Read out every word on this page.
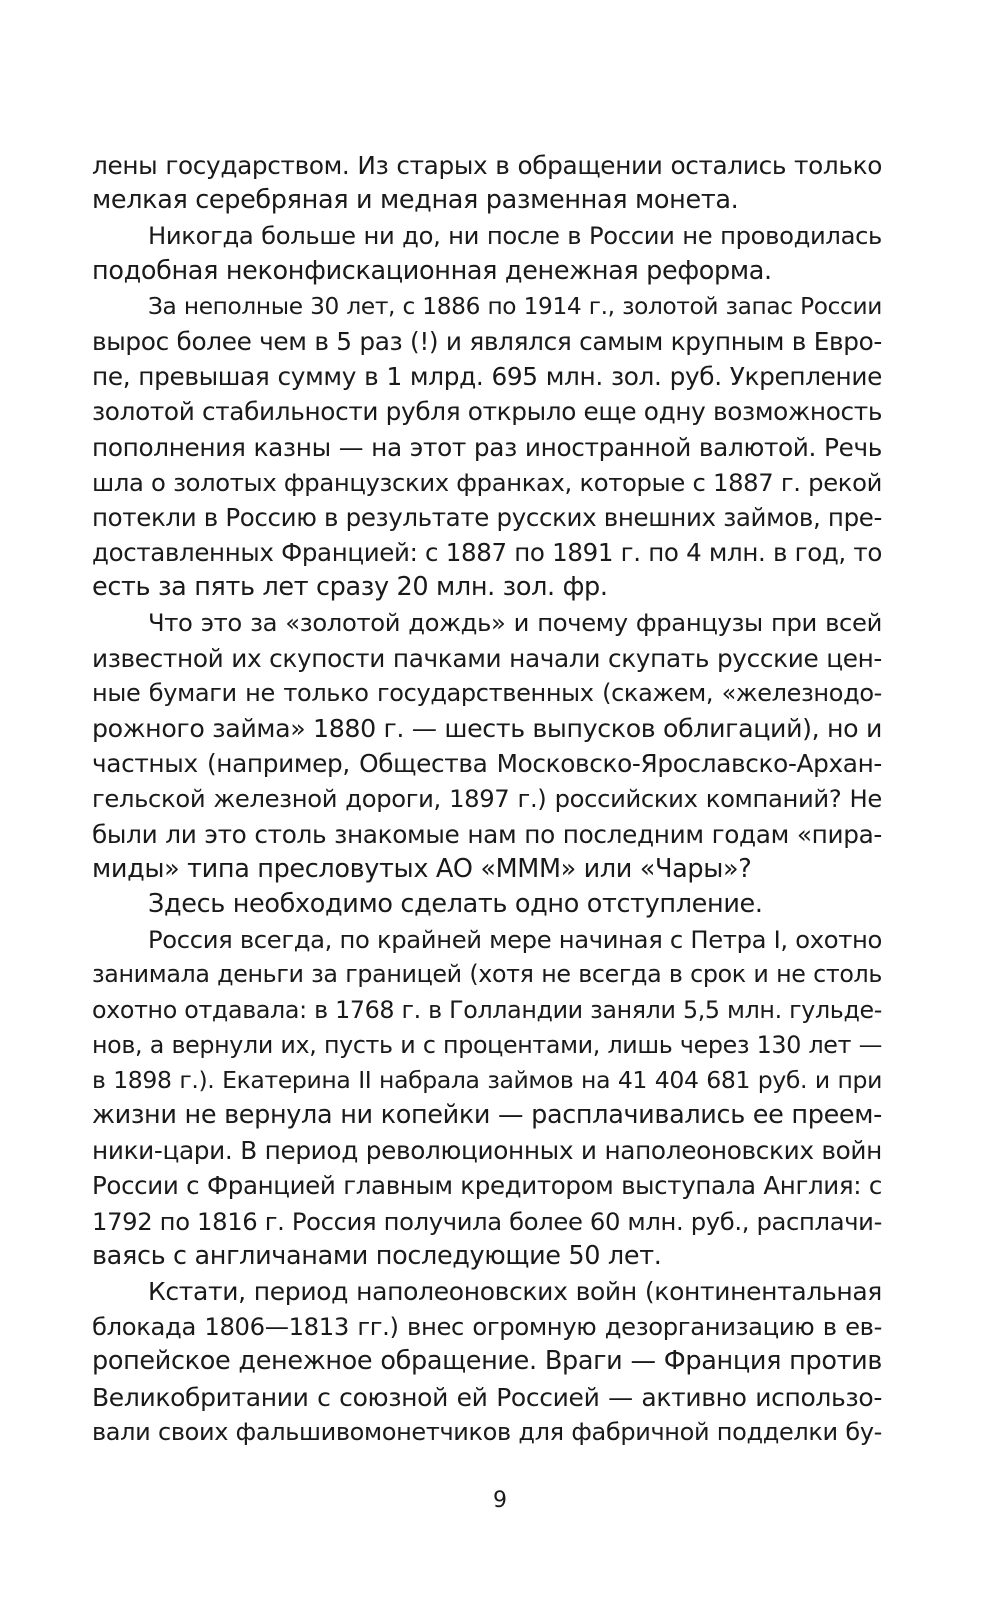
лены государством. Из старых в обращении остались только
мелкая серебряная и медная разменная монета.
Никогда больше ни до, ни после в России не проводилась
подобная неконфискационная денежная реформа.
За неполные 30 лет, с 1886 по 1914 г., золотой запас России
вырос более чем в 5 раз (!) и являлся самым крупным в Евро-
пе, превышая сумму в 1 млрд. 695 млн. зол. руб. Укрепление
золотой стабильности рубля открыло еще одну возможность
пополнения казны — на этот раз иностранной валютой. Речь
шла о золотых французских франках, которые с 1887 г. рекой
потекли в Россию в результате русских внешних займов, пре-
доставленных Францией: с 1887 по 1891 г. по 4 млн. в год, то
есть за пять лет сразу 20 млн. зол. фр.
Что это за «золотой дождь» и почему французы при всей
известной их скупости пачками начали скупать русские цен-
ные бумаги не только государственных (скажем, «железнодо-
рожного займа» 1880 г. — шесть выпусков облигаций), но и
частных (например, Общества Московско-Ярославско-Архан-
гельской железной дороги, 1897 г.) российских компаний? Не
были ли это столь знакомые нам по последним годам «пира-
миды» типа пресловутых АО «МММ» или «Чары»?
Здесь необходимо сделать одно отступление.
Россия всегда, по крайней мере начиная с Петра I, охотно
занимала деньги за границей (хотя не всегда в срок и не столь
охотно отдавала: в 1768 г. в Голландии заняли 5,5 млн. гульде-
нов, а вернули их, пусть и с процентами, лишь через 130 лет —
в 1898 г.). Екатерина II набрала займов на 41 404 681 руб. и при
жизни не вернула ни копейки — расплачивались ее преем-
ники-цари. В период революционных и наполеоновских войн
России с Францией главным кредитором выступала Англия: с
1792 по 1816 г. Россия получила более 60 млн. руб., расплачи-
ваясь с англичанами последующие 50 лет.
Кстати, период наполеоновских войн (континентальная
блокада 1806—1813 гг.) внес огромную дезорганизацию в ев-
ропейское денежное обращение. Враги — Франция против
Великобритании с союзной ей Россией — активно использо-
вали своих фальшивомонетчиков для фабричной подделки бу-
9
